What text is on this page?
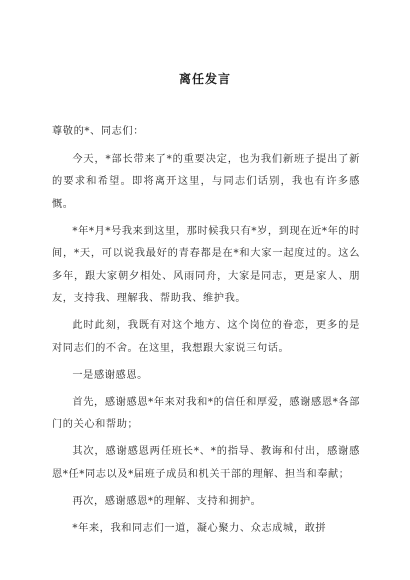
离任发言

尊敬的*、同志们：

今天，*部长带来了*的重要决定，也为我们新班子提出了新的要求和希望。即将离开这里，与同志们话别，我也有许多感慨。

*年*月*号我来到这里，那时候我只有*岁，到现在近*年的时间，*天，可以说我最好的青春都是在*和大家一起度过的。这么多年，跟大家朝夕相处、风雨同舟，大家是同志，更是家人、朋友，支持我、理解我、帮助我、维护我。

此时此刻，我既有对这个地方、这个岗位的眷恋，更多的是对同志们的不舍。在这里，我想跟大家说三句话。

一是感谢感恩。

首先，感谢感恩*年来对我和*的信任和厚爱，感谢感恩*各部门的关心和帮助；

其次，感谢感恩两任班长*、*的指导、教诲和付出，感谢感恩*任*同志以及*届班子成员和机关干部的理解、担当和奉献；

再次，感谢感恩*的理解、支持和拥护。

*年来，我和同志们一道，凝心聚力、众志成城，敢拼
